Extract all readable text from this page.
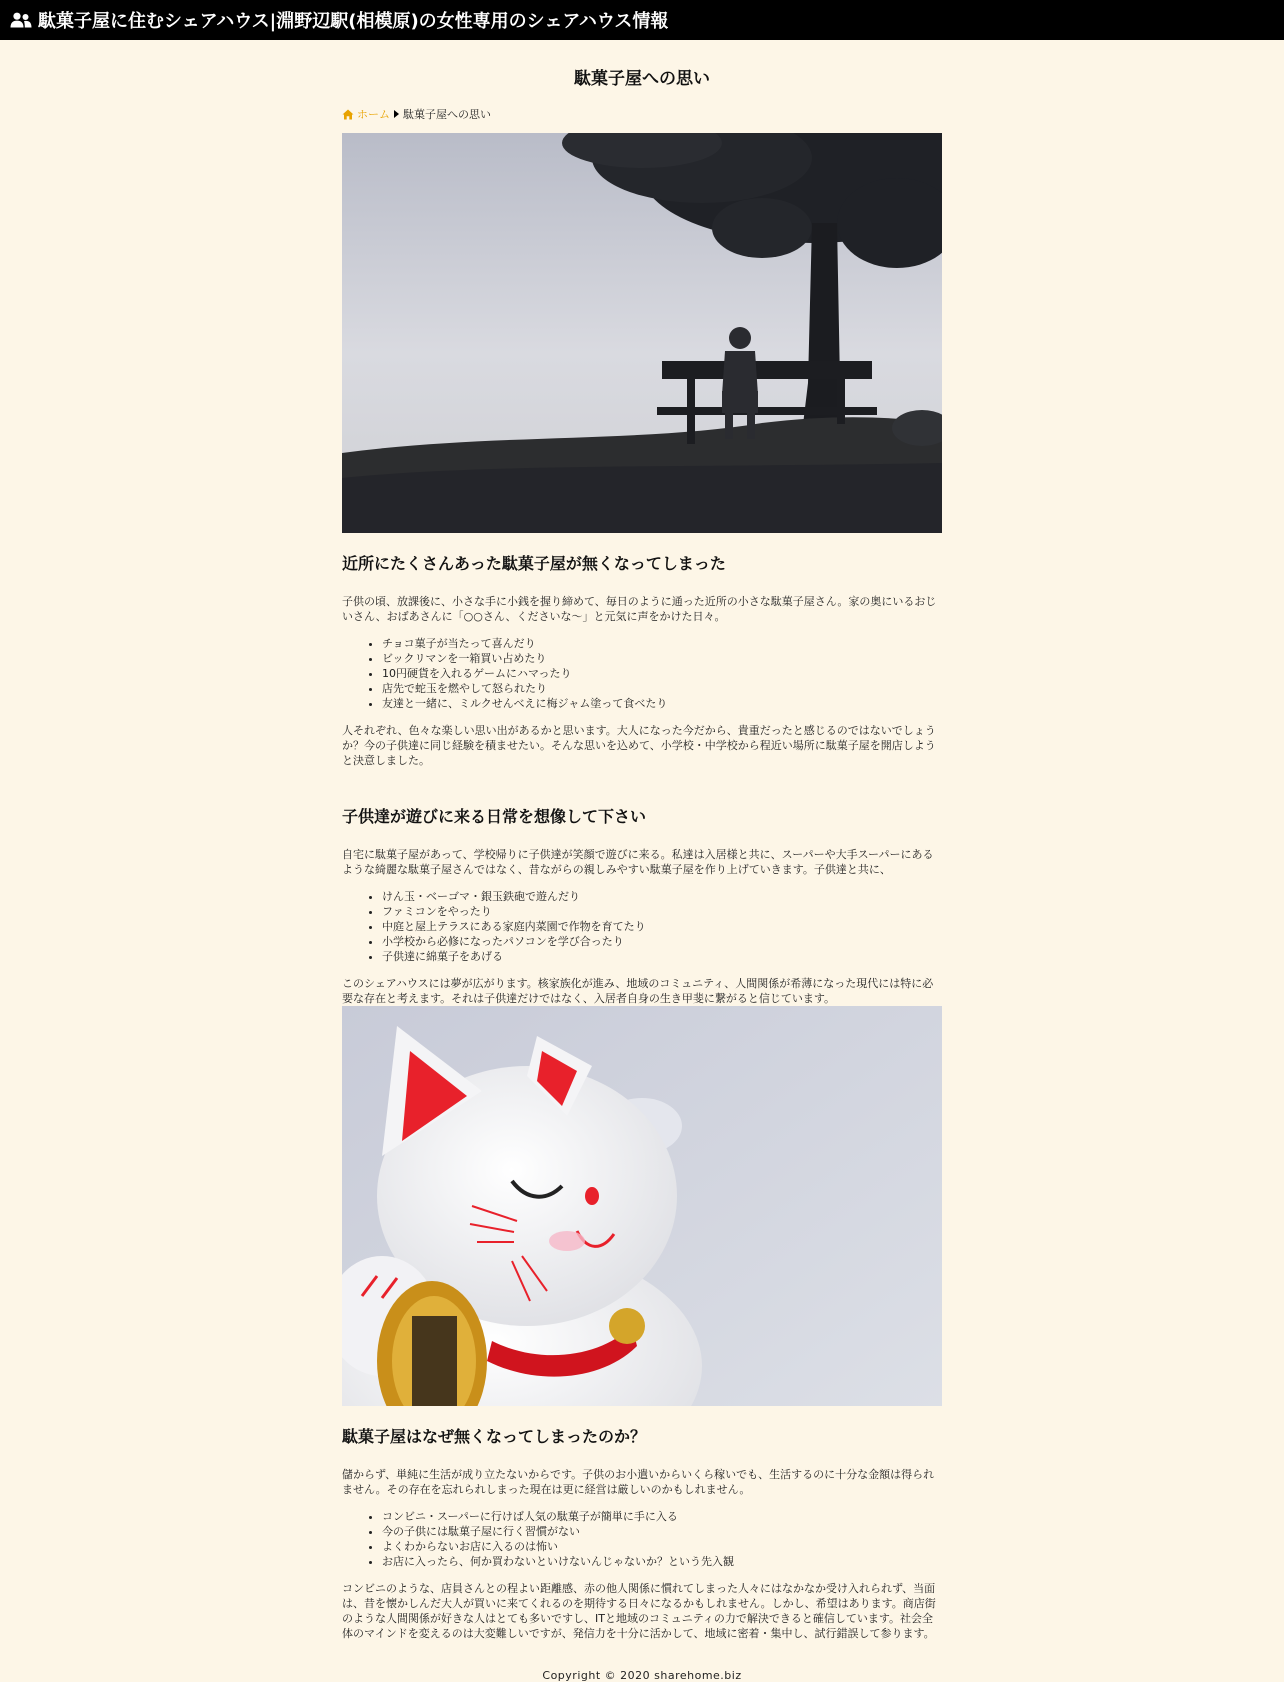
駄菓子屋に住むシェアハウス|淵野辺駅(相模原)の女性専用のシェアハウス情報
駄菓子屋への思い
ホーム 駄菓子屋への思い
近所にたくさんあった駄菓子屋が無くなってしまった

子供の頃、放課後に、小さな手に小銭を握り締めて、毎日のように通った近所の小さな駄菓子屋さん。家の奥にいるおじいさん、おばあさんに「○○さん、くださいな〜」と元気に声をかけた日々。

• チョコ菓子が当たって喜んだり
• ビックリマンを一箱買い占めたり
• 10円硬貨を入れるゲームにハマったり
• 店先で蛇玉を燃やして怒られたり
• 友達と一緒に、ミルクせんべえに梅ジャム塗って食べたり

人それぞれ、色々な楽しい思い出があるかと思います。大人になった今だから、貴重だったと感じるのではないでしょうか？今の子供達に同じ経験を積ませたい。そんな思いを込めて、小学校・中学校から程近い場所に駄菓子屋を開店しようと決意しました。

子供達が遊びに来る日常を想像して下さい

自宅に駄菓子屋があって、学校帰りに子供達が笑顔で遊びに来る。私達は入居様と共に、スーパーや大手スーパーにあるような綺麗な駄菓子屋さんではなく、昔ながらの親しみやすい駄菓子屋を作り上げていきます。子供達と共に、

• けん玉・ベーゴマ・銀玉鉄砲で遊んだり
• ファミコンをやったり
• 中庭と屋上テラスにある家庭内菜園で作物を育てたり
• 小学校から必修になったパソコンを学び合ったり
• 子供達に綿菓子をあげる

このシェアハウスには夢が広がります。核家族化が進み、地域のコミュニティ、人間関係が希薄になった現代には特に必要な存在と考えます。それは子供達だけではなく、入居者自身の生き甲斐に繋がると信じています。

駄菓子屋はなぜ無くなってしまったのか？

儲からず、単純に生活が成り立たないからです。子供のお小遣いからいくら稼いでも、生活するのに十分な金額は得られません。その存在を忘れられしまった現在は更に経営は厳しいのかもしれません。

• コンビニ・スーパーに行けば人気の駄菓子が簡単に手に入る
• 今の子供には駄菓子屋に行く習慣がない
• よくわからないお店に入るのは怖い
• お店に入ったら、何か買わないといけないんじゃないか？という先入観

コンビニのような、店員さんとの程よい距離感、赤の他人関係に慣れてしまった人々にはなかなか受け入れられず、当面は、昔を懐かしんだ大人が買いに来てくれるのを期待する日々になるかもしれません。しかし、希望はあります。商店街のような人間関係が好きな人はとても多いですし、ITと地域のコミュニティの力で解決できると確信しています。社会全体のマインドを変えるのは大変難しいですが、発信力を十分に活かして、地域に密着・集中し、試行錯誤して参ります。

Copyright © 2020 sharehome.biz
